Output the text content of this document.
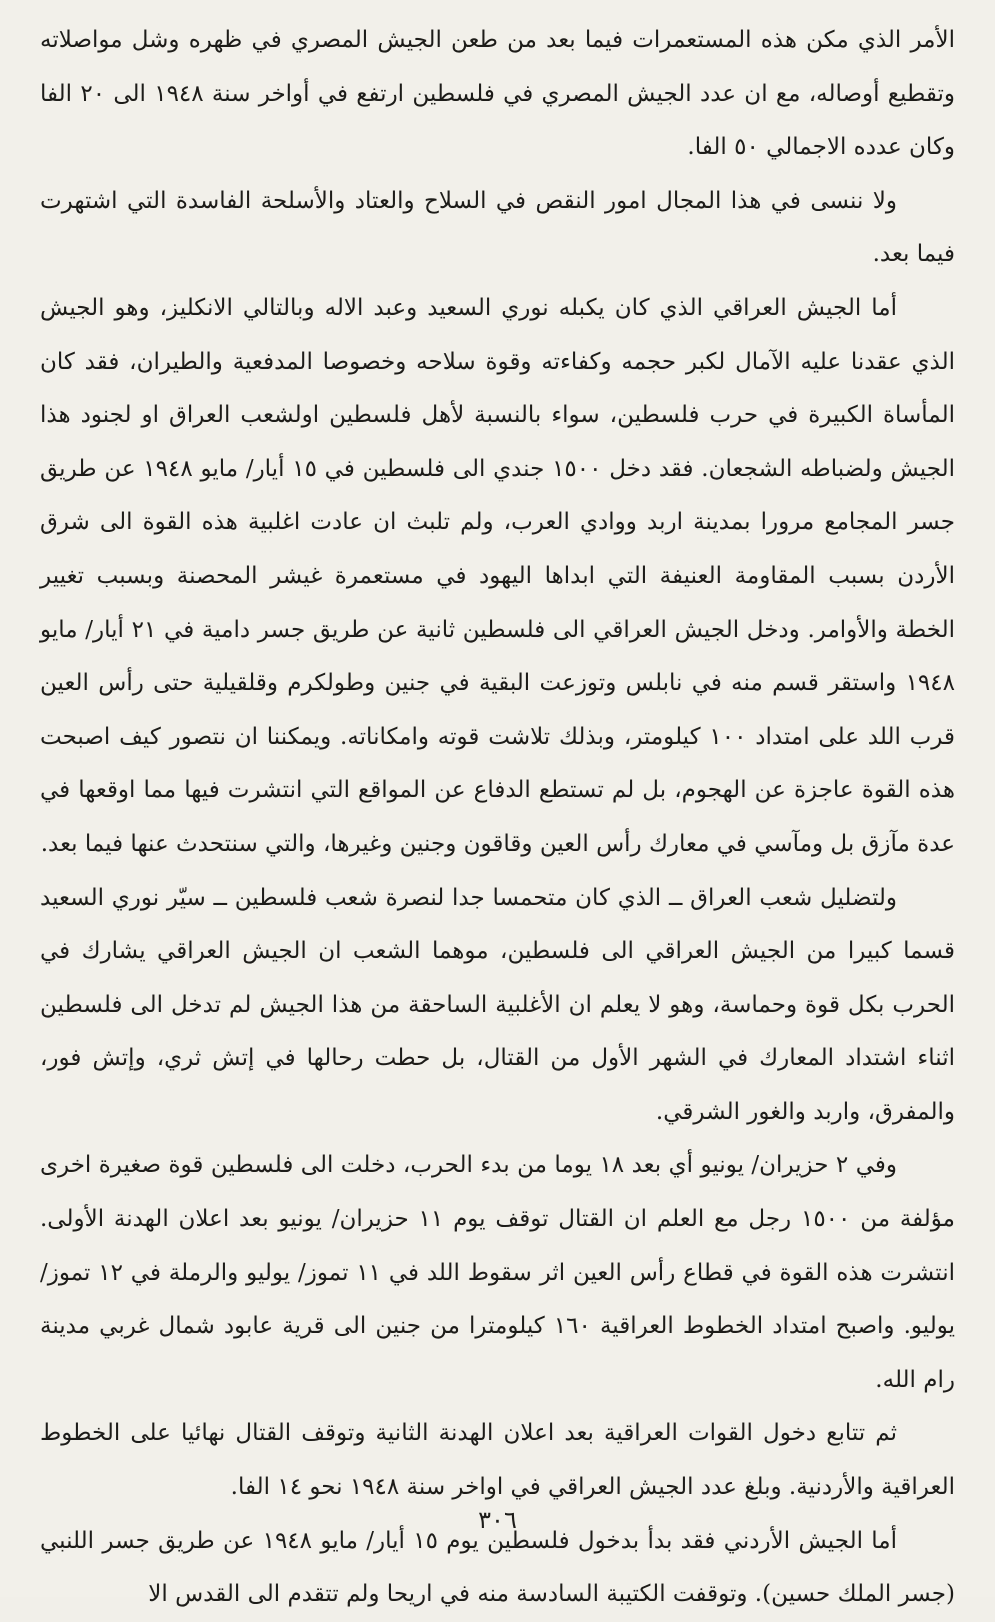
الأمر الذي مكن هذه المستعمرات فيما بعد من طعن الجيش المصري في ظهره وشل مواصلاته وتقطيع أوصاله، مع ان عدد الجيش المصري في فلسطين ارتفع في أواخر سنة ١٩٤٨ الى ٢٠ الفا وكان عدده الاجمالي ٥٠ الفا.

ولا ننسى في هذا المجال امور النقص في السلاح والعتاد والأسلحة الفاسدة التي اشتهرت فيما بعد.

أما الجيش العراقي الذي كان يكبله نوري السعيد وعبد الاله وبالتالي الانكليز، وهو الجيش الذي عقدنا عليه الآمال لكبر حجمه وكفاءته وقوة سلاحه وخصوصا المدفعية والطيران، فقد كان المأساة الكبيرة في حرب فلسطين، سواء بالنسبة لأهل فلسطين اولشعب العراق او لجنود هذا الجيش ولضباطه الشجعان. فقد دخل ١٥٠٠ جندي الى فلسطين في ١٥ أيار/ مايو ١٩٤٨ عن طريق جسر المجامع مرورا بمدينة اربد ووادي العرب، ولم تلبث ان عادت اغلبية هذه القوة الى شرق الأردن بسبب المقاومة العنيفة التي ابداها اليهود في مستعمرة غيشر المحصنة وبسبب تغيير الخطة والأوامر. ودخل الجيش العراقي الى فلسطين ثانية عن طريق جسر دامية في ٢١ أيار/ مايو ١٩٤٨ واستقر قسم منه في نابلس وتوزعت البقية في جنين وطولكرم وقلقيلية حتى رأس العين قرب اللد على امتداد ١٠٠ كيلومتر، وبذلك تلاشت قوته وامكاناته. ويمكننا ان نتصور كيف اصبحت هذه القوة عاجزة عن الهجوم، بل لم تستطع الدفاع عن المواقع التي انتشرت فيها مما اوقعها في عدة مآزق بل ومآسي في معارك رأس العين وقاقون وجنين وغيرها، والتي سنتحدث عنها فيما بعد.

ولتضليل شعب العراق ــ الذي كان متحمسا جدا لنصرة شعب فلسطين ــ سيّر نوري السعيد قسما كبيرا من الجيش العراقي الى فلسطين، موهما الشعب ان الجيش العراقي يشارك في الحرب بكل قوة وحماسة، وهو لا يعلم ان الأغلبية الساحقة من هذا الجيش لم تدخل الى فلسطين اثناء اشتداد المعارك في الشهر الأول من القتال، بل حطت رحالها في إتش ثري، وإتش فور، والمفرق، واربد والغور الشرقي.

وفي ٢ حزيران/ يونيو أي بعد ١٨ يوما من بدء الحرب، دخلت الى فلسطين قوة صغيرة اخرى مؤلفة من ١٥٠٠ رجل مع العلم ان القتال توقف يوم ١١ حزيران/ يونيو بعد اعلان الهدنة الأولى. انتشرت هذه القوة في قطاع رأس العين اثر سقوط اللد في ١١ تموز/ يوليو والرملة في ١٢ تموز/ يوليو. واصبح امتداد الخطوط العراقية ١٦٠ كيلومترا من جنين الى قرية عابود شمال غربي مدينة رام الله.

ثم تتابع دخول القوات العراقية بعد اعلان الهدنة الثانية وتوقف القتال نهائيا على الخطوط العراقية والأردنية. وبلغ عدد الجيش العراقي في اواخر سنة ١٩٤٨ نحو ١٤ الفا.

أما الجيش الأردني فقد بدأ بدخول فلسطين يوم ١٥ أيار/ مايو ١٩٤٨ عن طريق جسر اللنبي (جسر الملك حسين). وتوقفت الكتيبة السادسة منه في اريحا ولم تتقدم الى القدس الا

٣٠٦
